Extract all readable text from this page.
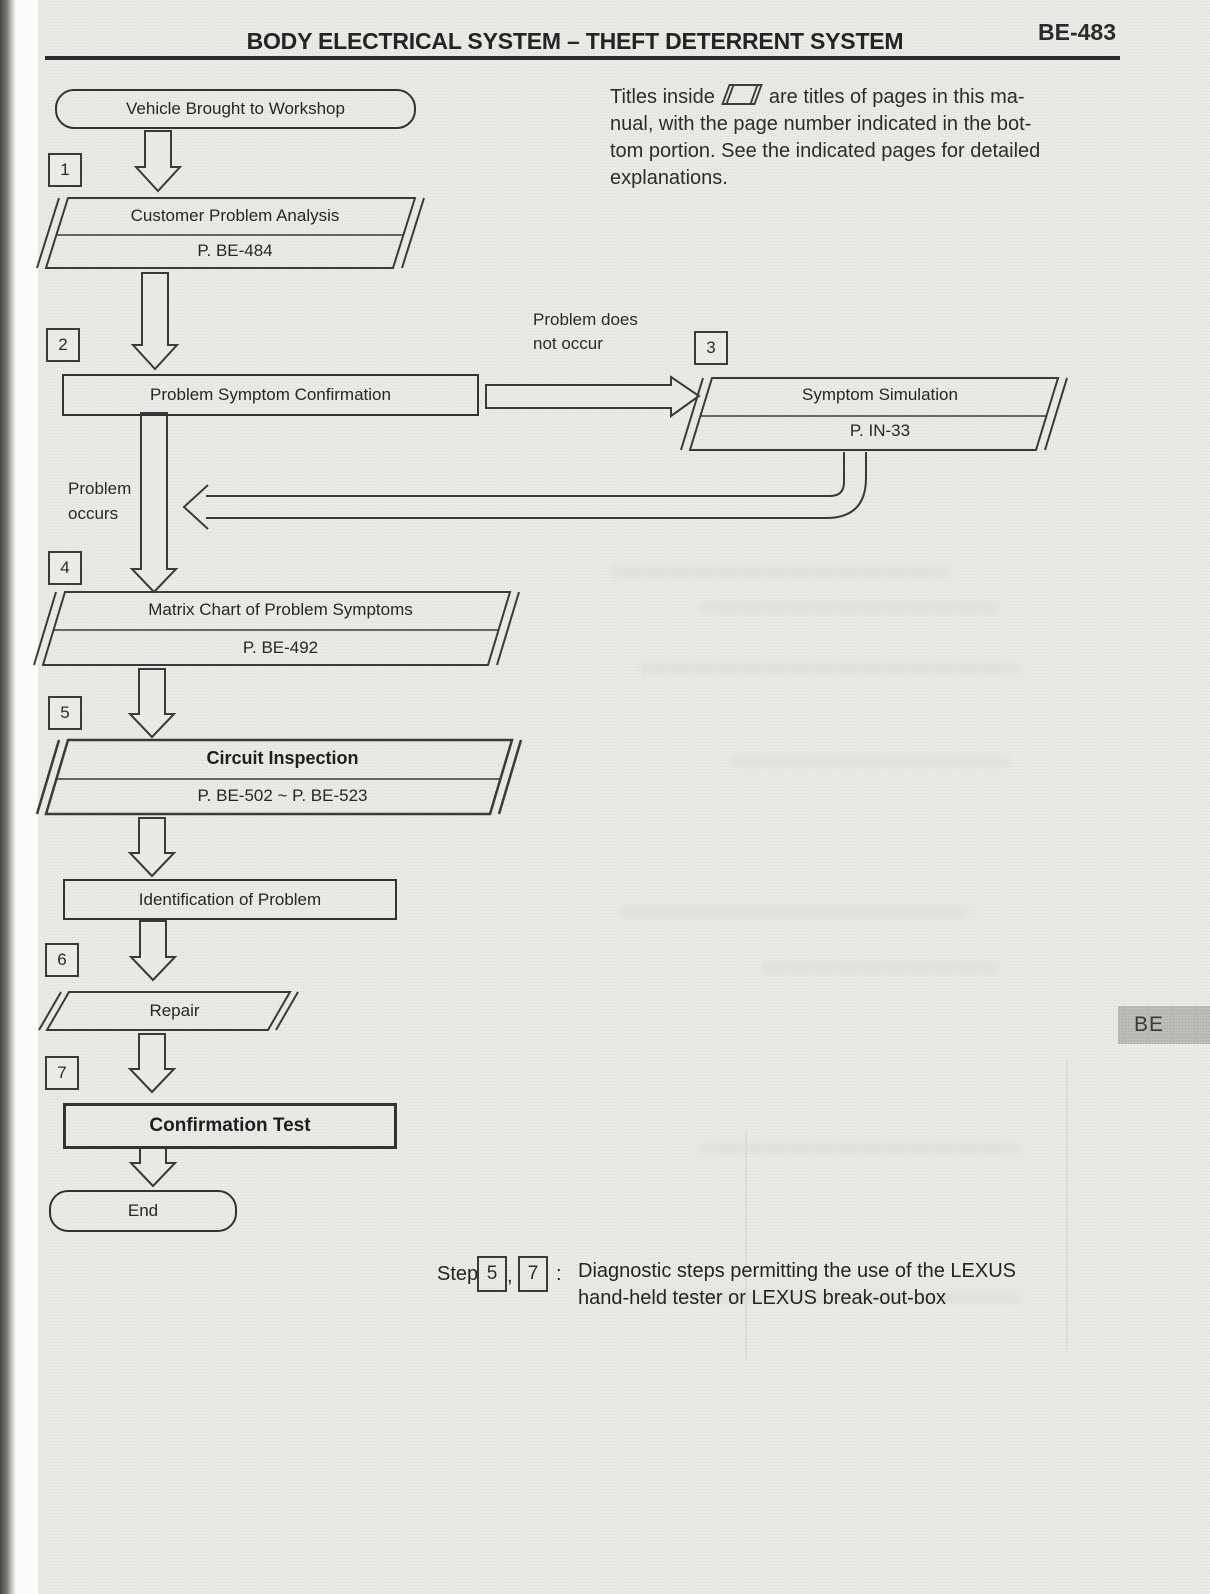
BODY ELECTRICAL SYSTEM – THEFT DETERRENT SYSTEM	BE-483
Titles inside	are titles of pages in this ma-
nual, with the page number indicated in the bot-
tom portion. See the indicated pages for detailed
explanations.
Vehicle Brought to Workshop
1
2	3
4
5
6
7
Customer Problem Analysis
P. BE-484
Symptom Simulation
P. IN-33
Matrix Chart of Problem Symptoms
P. BE-492
Circuit Inspection
P. BE-502 ~ P. BE-523
Repair
Problem Symptom Confirmation
Identification of Problem
Confirmation Test
End
Problem does
not occur
Problem
occurs
Step 5 , 7 : Diagnostic steps permitting the use of the LEXUS
hand-held tester or LEXUS break-out-box
BE
